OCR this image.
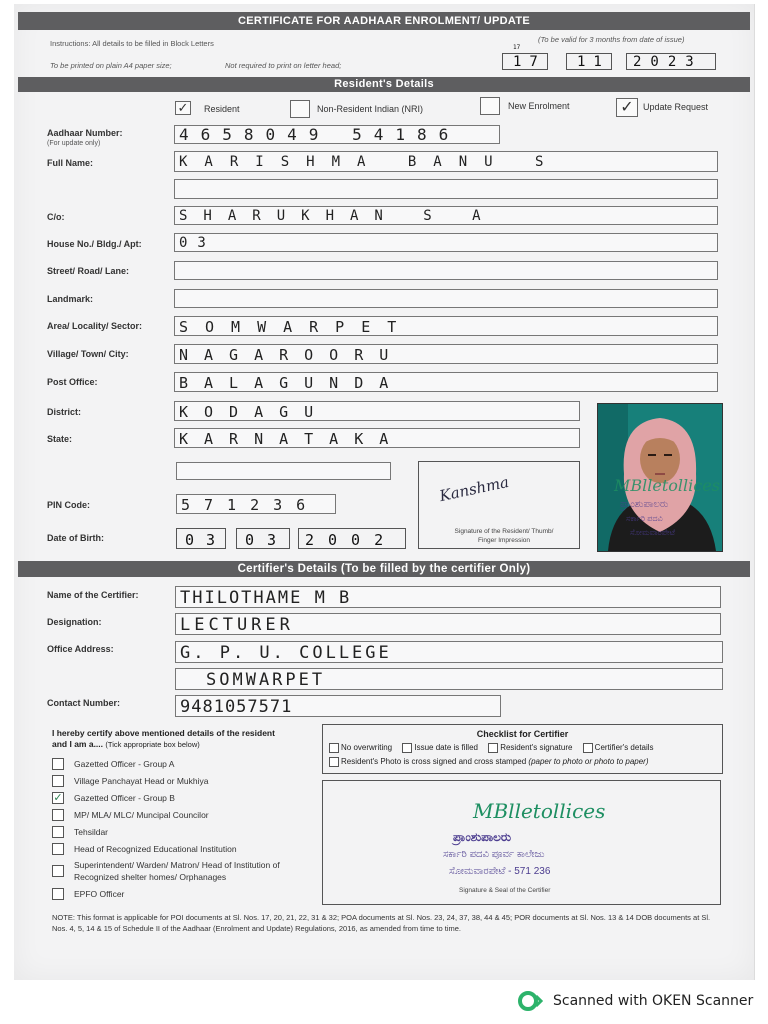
CERTIFICATE FOR AADHAAR ENROLMENT/ UPDATE
Instructions: All details to be filled in Block Letters	(To be valid for 3 months from date of issue)
To be printed on plain A4 paper size;	Not required to print on letter head;
17
17 11 2023
Resident's Details
✓ Resident	Non-Resident Indian (NRI)	New Enrolment	✓	Update Request
Aadhaar Number:
(For update only)	4658049 54186
Full Name:	KARISHMA BANU S
C/o:	SHARUKHAN S A
House No./ Bldg./ Apt:	03
Street/ Road/ Lane:
Landmark:
Area/ Locality/ Sector:	SOMWARPET
Village/ Town/ City:	NAGAROORU
Post Office:	BALAGUNDA
District:	KODAGU
State:	KARNATAKA
PIN Code:	571236
Date of Birth:	03 03 2002
Kanshma
Signature of the Resident/ Thumb/ Finger Impression
MBlletollices
ಪ್ರಾಂಶುಪಾಲರು
ಸರ್ಕಾರಿ ಪದವಿ
ಸೋಮವಾರಪೇಟೆ
Certifier's Details (To be filled by the certifier Only)
Name of the Certifier: THILOTHAME M B
Designation:	LECTURER
Office Address:	G. P. U. COLLEGE
SOMWARPET
Contact Number:	9481057571
I hereby certify above mentioned details of the resident
and I am a.... (Tick appropriate box below)
Gazetted Officer - Group A
Village Panchayat Head or Mukhiya
✓ Gazetted Officer - Group B
MP/ MLA/ MLC/ Muncipal Councilor
Tehsildar
Head of Recognized Educational Institution
Superintendent/ Warden/ Matron/ Head of Institution of Recognized shelter homes/ Orphanages
EPFO Officer
Checklist for Certifier
No overwriting	Issue date is filled	Resident's signature	Certifier's details
Resident's Photo is cross signed and cross stamped (paper to photo or photo to paper)
MBlletollices
ಪ್ರಾಂಶುಪಾಲರು
ಸರ್ಕಾರಿ ಪದವಿ ಪೂರ್ವ ಕಾಲೇಜು
ಸೋಮವಾರಪೇಟೆ - 571 236
Signature & Seal of the Certifier
NOTE: This format is applicable for POI documents at Sl. Nos. 17, 20, 21, 22, 31 & 32; POA documents at Sl. Nos. 23, 24, 37, 38, 44 & 45; POR documents at Sl. Nos. 13 & 14 DOB documents at Sl. Nos. 4, 5, 14 & 15 of Schedule II of the Aadhaar (Enrolment and Update) Regulations, 2016, as amended from time to time.
Scanned with OKEN Scanner
